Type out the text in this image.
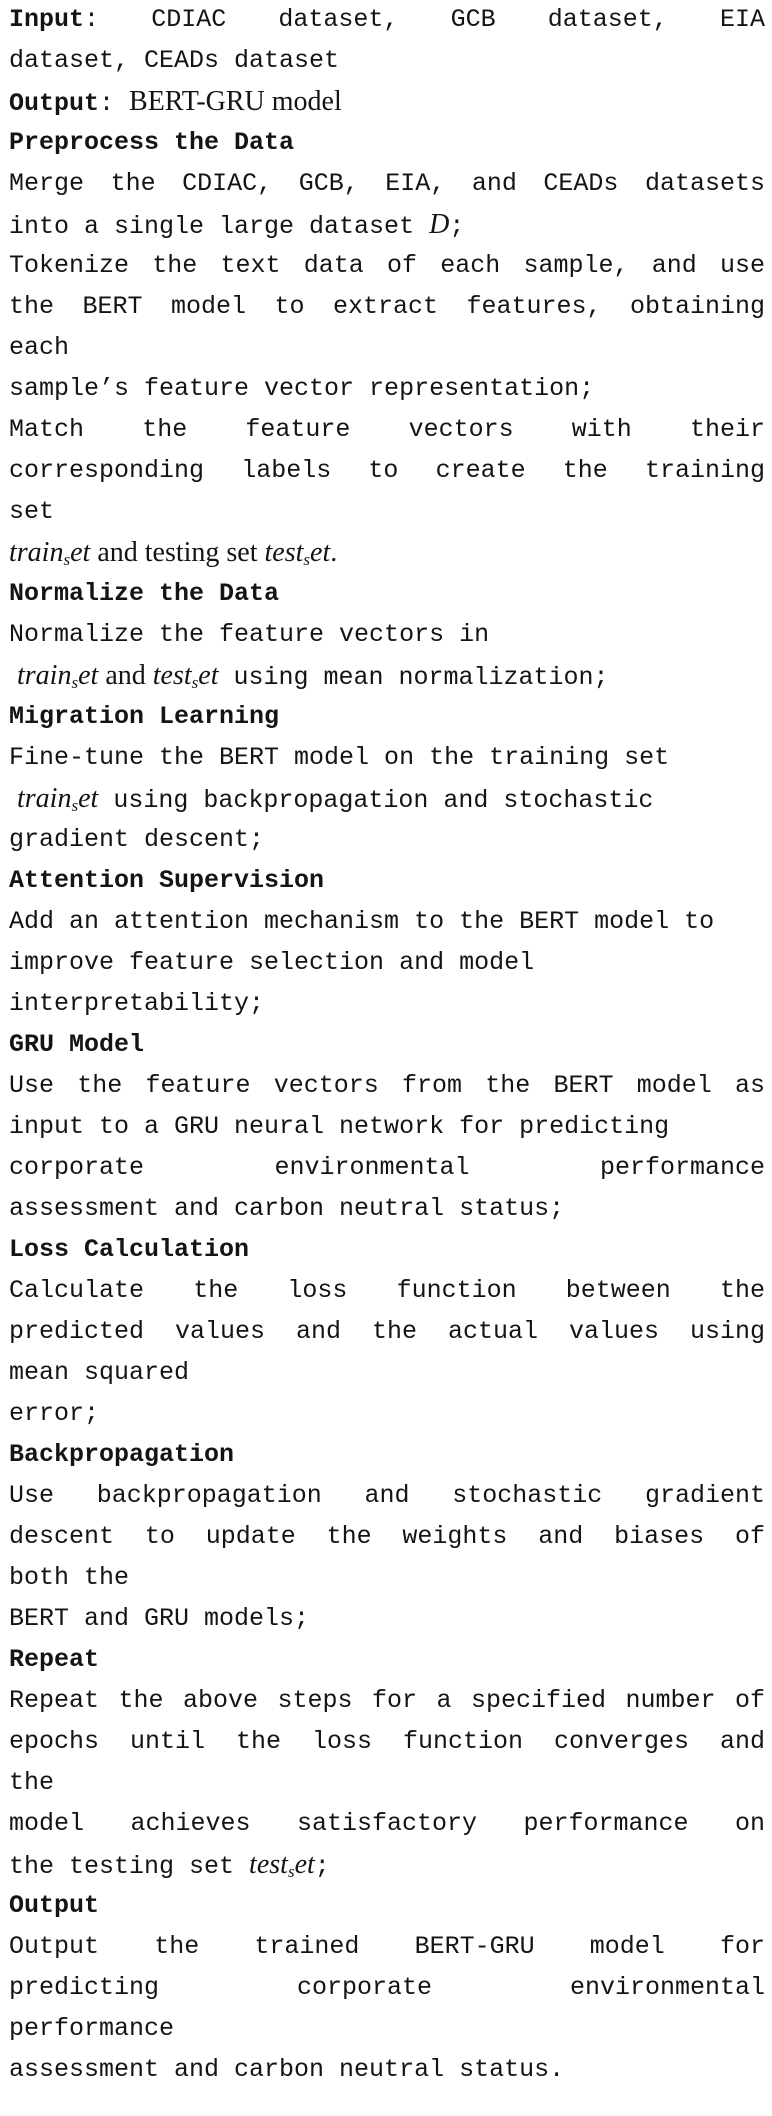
Input: CDIAC dataset, GCB dataset, EIA
dataset, CEADs dataset
Output: BERT-GRU model
Preprocess the Data
Merge the CDIAC, GCB, EIA, and CEADs datasets
into a single large dataset D;
Tokenize the text data of each sample, and use
the BERT model to extract features, obtaining
each
sample’s feature vector representation;
Match the feature vectors with their
corresponding labels to create the training
set
train$_s$et and testing set test$_s$et.
Normalize the Data
Normalize the feature vectors in
train$_s$et and test$_s$et using mean normalization;
Migration Learning
Fine-tune the BERT model on the training set
train$_s$et using backpropagation and stochastic
gradient descent;
Attention Supervision
Add an attention mechanism to the BERT model to
improve feature selection and model
interpretability;
GRU Model
Use the feature vectors from the BERT model as
input to a GRU neural network for predicting
corporate environmental performance
assessment and carbon neutral status;
Loss Calculation
Calculate the loss function between the
predicted values and the actual values using
mean squared
error;
Backpropagation
Use backpropagation and stochastic gradient
descent to update the weights and biases of
both the
BERT and GRU models;
Repeat
Repeat the above steps for a specified number of
epochs until the loss function converges and
the
model achieves satisfactory performance on
the testing set test$_s$et;
Output
Output the trained BERT-GRU model for
predicting corporate environmental
performance
assessment and carbon neutral status.
